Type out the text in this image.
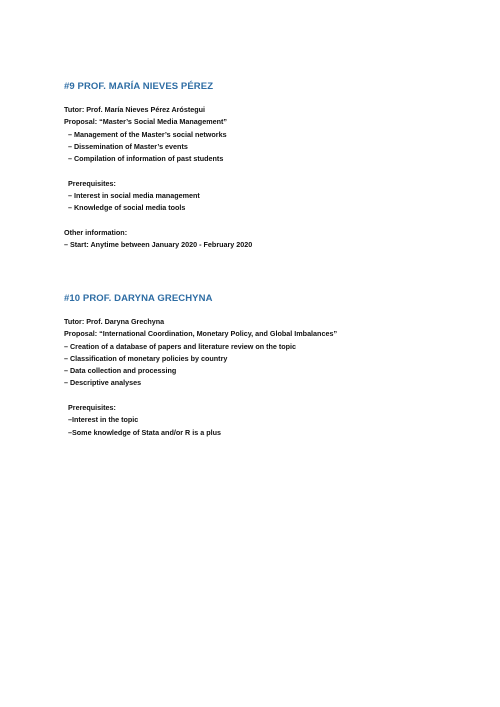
#9 PROF. MARÍA NIEVES PÉREZ

Tutor: Prof. María Nieves Pérez Aróstegui

Proposal: “Master’s Social Media Management”

– Management of the Master’s social networks

– Dissemination of Master’s events

– Compilation of information of past students

Prerequisites:

– Interest in social media management

– Knowledge of social media tools

Other information:

– Start: Anytime between January 2020 - February 2020

#10 PROF. DARYNA GRECHYNA

Tutor: Prof. Daryna Grechyna

Proposal: “International Coordination, Monetary Policy, and Global Imbalances”

– Creation of a database of papers and literature review on the topic

– Classification of monetary policies by country

– Data collection and processing

– Descriptive analyses

Prerequisites:

–Interest in the topic

–Some knowledge of Stata and/or R is a plus
